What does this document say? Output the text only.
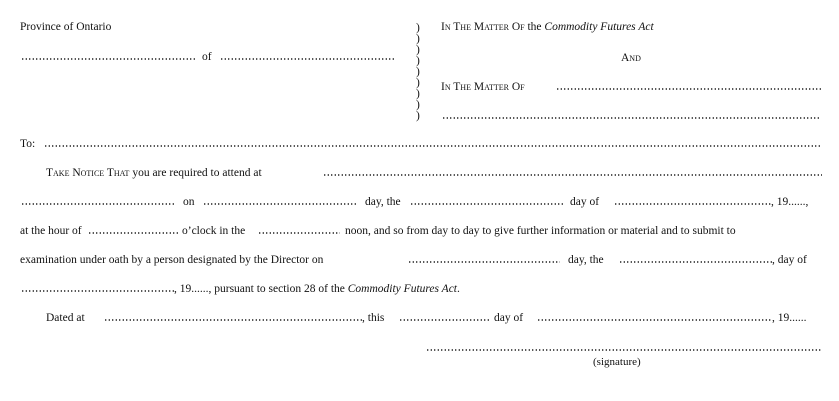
Province of Ontario
of
)
)
)
)
)
)
)
)
)
In The Matter Of the Commodity Futures Act
And
In The Matter Of
To:
Take Notice That you are required to attend at
on	day, the	day of	, 19......,
at the hour of	o’clock in the	noon, and so from day to day to give further information or material and to submit to
examination under oath by a person designated by the Director on	day, the	, day of
, 19......, pursuant to section 28 of the Commodity Futures Act.
Dated at	, this	day of	, 19......
(signature)
